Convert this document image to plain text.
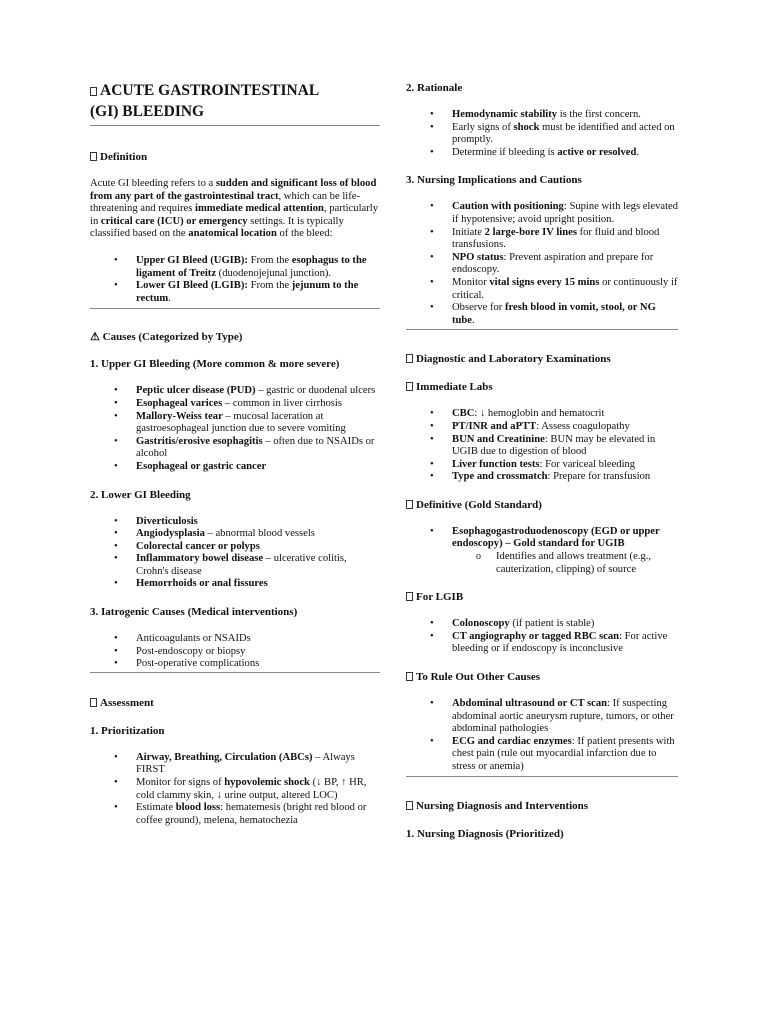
ACUTE GASTROINTESTINAL
(GI) BLEEDING
Definition

Acute GI bleeding refers to a sudden and significant loss of blood from any part of the gastrointestinal tract, which can be life-threatening and requires immediate medical attention, particularly in critical care (ICU) or emergency settings. It is typically classified based on the anatomical location of the bleed:

• Upper GI Bleed (UGIB): From the esophagus to the ligament of Treitz (duodenojejunal junction).
• Lower GI Bleed (LGIB): From the jejunum to the rectum.
⚠ Causes (Categorized by Type)
1. Upper GI Bleeding (More common & more severe)
• Peptic ulcer disease (PUD) – gastric or duodenal ulcers
• Esophageal varices – common in liver cirrhosis
• Mallory-Weiss tear – mucosal laceration at gastroesophageal junction due to severe vomiting
• Gastritis/erosive esophagitis – often due to NSAIDs or alcohol
• Esophageal or gastric cancer
2. Lower GI Bleeding
• Diverticulosis
• Angiodysplasia – abnormal blood vessels
• Colorectal cancer or polyps
• Inflammatory bowel disease – ulcerative colitis, Crohn's disease
• Hemorrhoids or anal fissures
3. Iatrogenic Causes (Medical interventions)
• Anticoagulants or NSAIDs
• Post-endoscopy or biopsy
• Post-operative complications
Assessment
1. Prioritization
• Airway, Breathing, Circulation (ABCs) – Always FIRST
• Monitor for signs of hypovolemic shock (↓ BP, ↑ HR, cold clammy skin, ↓ urine output, altered LOC)
• Estimate blood loss: hematemesis (bright red blood or coffee ground), melena, hematochezia
2. Rationale
• Hemodynamic stability is the first concern.
• Early signs of shock must be identified and acted on promptly.
• Determine if bleeding is active or resolved.
3. Nursing Implications and Cautions
• Caution with positioning: Supine with legs elevated if hypotensive; avoid upright position.
• Initiate 2 large-bore IV lines for fluid and blood transfusions.
• NPO status: Prevent aspiration and prepare for endoscopy.
• Monitor vital signs every 15 mins or continuously if critical.
• Observe for fresh blood in vomit, stool, or NG tube.
Diagnostic and Laboratory Examinations
Immediate Labs
• CBC: ↓ hemoglobin and hematocrit
• PT/INR and aPTT: Assess coagulopathy
• BUN and Creatinine: BUN may be elevated in UGIB due to digestion of blood
• Liver function tests: For variceal bleeding
• Type and crossmatch: Prepare for transfusion
Definitive (Gold Standard)
• Esophagogastroduodenoscopy (EGD or upper endoscopy) – Gold standard for UGIB
o Identifies and allows treatment (e.g., cauterization, clipping) of source
For LGIB
• Colonoscopy (if patient is stable)
• CT angiography or tagged RBC scan: For active bleeding or if endoscopy is inconclusive
To Rule Out Other Causes
• Abdominal ultrasound or CT scan: If suspecting abdominal aortic aneurysm rupture, tumors, or other abdominal pathologies
• ECG and cardiac enzymes: If patient presents with chest pain (rule out myocardial infarction due to stress or anemia)
Nursing Diagnosis and Interventions
1. Nursing Diagnosis (Prioritized)
